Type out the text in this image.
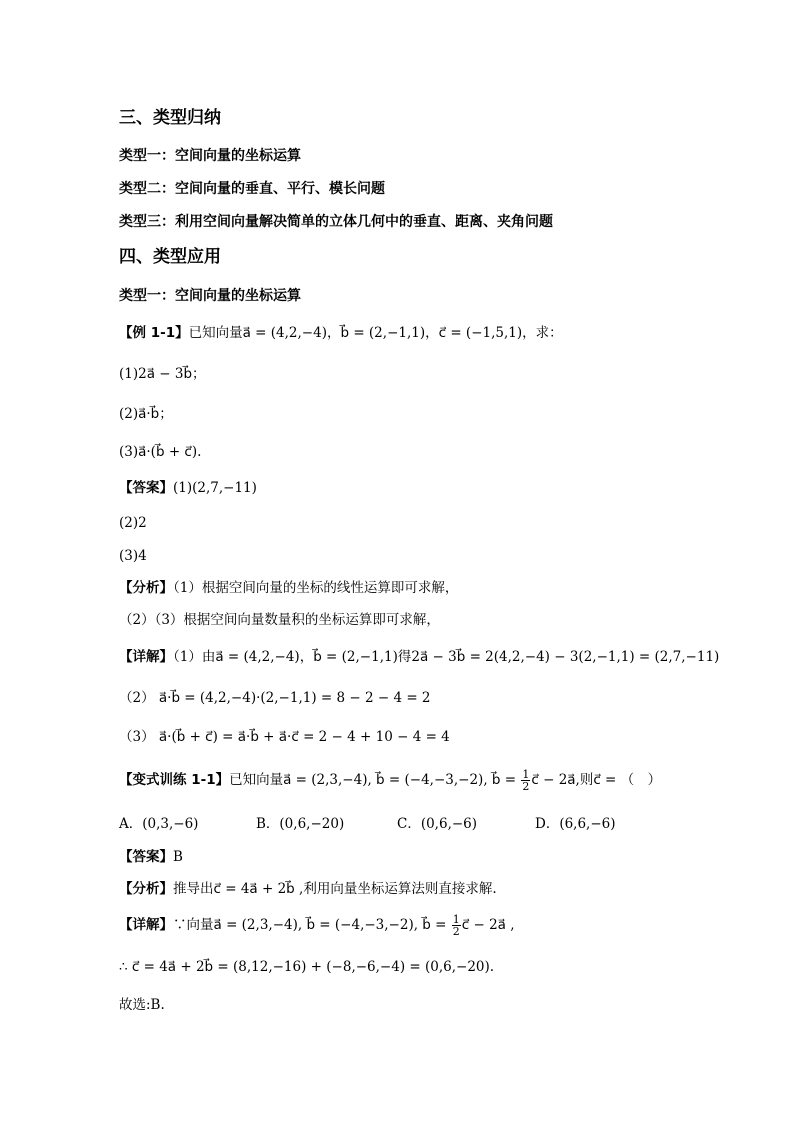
三、类型归纳
类型一：空间向量的坐标运算
类型二：空间向量的垂直、平行、模长问题
类型三：利用空间向量解决简单的立体几何中的垂直、距离、夹角问题
四、类型应用
类型一：空间向量的坐标运算
【例 1-1】已知向量a⃗ = (4,2,−4)，b⃗ = (2,−1,1)，c⃗ = (−1,5,1)，求：
(1)2a⃗ − 3b⃗；
(2)a⃗·b⃗；
(3)a⃗·(b⃗ + c⃗).
【答案】(1)(2,7,−11)
(2)2
(3)4
【分析】（1）根据空间向量的坐标的线性运算即可求解，
（2）（3）根据空间向量数量积的坐标运算即可求解，
【详解】（1）由a⃗ = (4,2,−4)，b⃗ = (2,−1,1)得2a⃗ − 3b⃗ = 2(4,2,−4) − 3(2,−1,1) = (2,7,−11)
（2） a⃗·b⃗ = (4,2,−4)·(2,−1,1) = 8 − 2 − 4 = 2
（3） a⃗·(b⃗ + c⃗) = a⃗·b⃗ + a⃗·c⃗ = 2 − 4 + 10 − 4 = 4
【变式训练 1-1】已知向量a⃗ = (2,3,−4), b⃗ = (−4,−3,−2), b⃗ = $\frac{1}{2}$ c⃗ − 2a⃗,则c⃗ = （　）
A．(0,3,−6)	B．(0,6,−20)	C．(0,6,−6)	D．(6,6,−6)
【答案】B
【分析】推导出c⃗ = 4a⃗ + 2b⃗ ,利用向量坐标运算法则直接求解.
【详解】∵向量a⃗ = (2,3,−4), b⃗ = (−4,−3,−2), b⃗ = $\frac{1}{2}$ c⃗ − 2a⃗ ,
∴ c⃗ = 4a⃗ + 2b⃗ = (8,12,−16) + (−8,−6,−4) = (0,6,−20).
故选:B.
